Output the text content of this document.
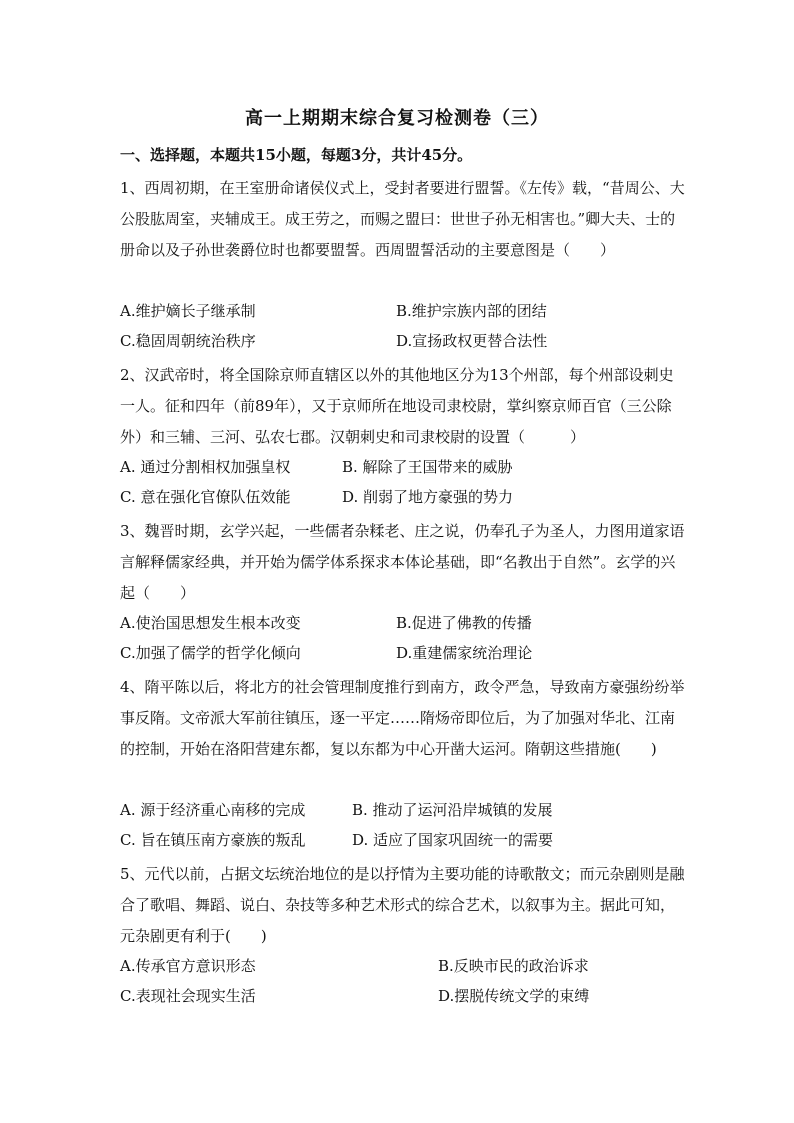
高一上期期末综合复习检测卷（三）
一、选择题，本题共15小题，每题3分，共计45分。
1、西周初期，在王室册命诸侯仪式上，受封者要进行盟誓。《左传》载，“昔周公、大公股肱周室，夹辅成王。成王劳之，而赐之盟曰：世世子孙无相害也。”卿大夫、士的册命以及子孙世袭爵位时也都要盟誓。西周盟誓活动的主要意图是（　　）
A.维护嫡长子继承制	B.维护宗族内部的团结
C.稳固周朝统治秩序	D.宣扬政权更替合法性
2、汉武帝时，将全国除京师直辖区以外的其他地区分为13个州部，每个州部设刺史一人。征和四年（前89年），又于京师所在地设司隶校尉，掌纠察京师百官（三公除外）和三辅、三河、弘农七郡。汉朝刺史和司隶校尉的设置（　　　）
A. 通过分割相权加强皇权	B. 解除了王国带来的威胁
C. 意在强化官僚队伍效能	D. 削弱了地方豪强的势力
3、魏晋时期，玄学兴起，一些儒者杂糅老、庄之说，仍奉孔子为圣人，力图用道家语言解释儒家经典，并开始为儒学体系探求本体论基础，即“名教出于自然”。玄学的兴起（　　）
A.使治国思想发生根本改变	B.促进了佛教的传播
C.加强了儒学的哲学化倾向	D.重建儒家统治理论
4、隋平陈以后，将北方的社会管理制度推行到南方，政令严急，导致南方豪强纷纷举事反隋。文帝派大军前往镇压，逐一平定……隋炀帝即位后，为了加强对华北、江南的控制，开始在洛阳营建东都，复以东都为中心开凿大运河。隋朝这些措施(　　)
A. 源于经济重心南移的完成	B. 推动了运河沿岸城镇的发展
C. 旨在镇压南方豪族的叛乱	D. 适应了国家巩固统一的需要
5、元代以前，占据文坛统治地位的是以抒情为主要功能的诗歌散文；而元杂剧则是融合了歌唱、舞蹈、说白、杂技等多种艺术形式的综合艺术，以叙事为主。据此可知，元杂剧更有利于(　　)
A.传承官方意识形态	B.反映市民的政治诉求
C.表现社会现实生活	D.摆脱传统文学的束缚
